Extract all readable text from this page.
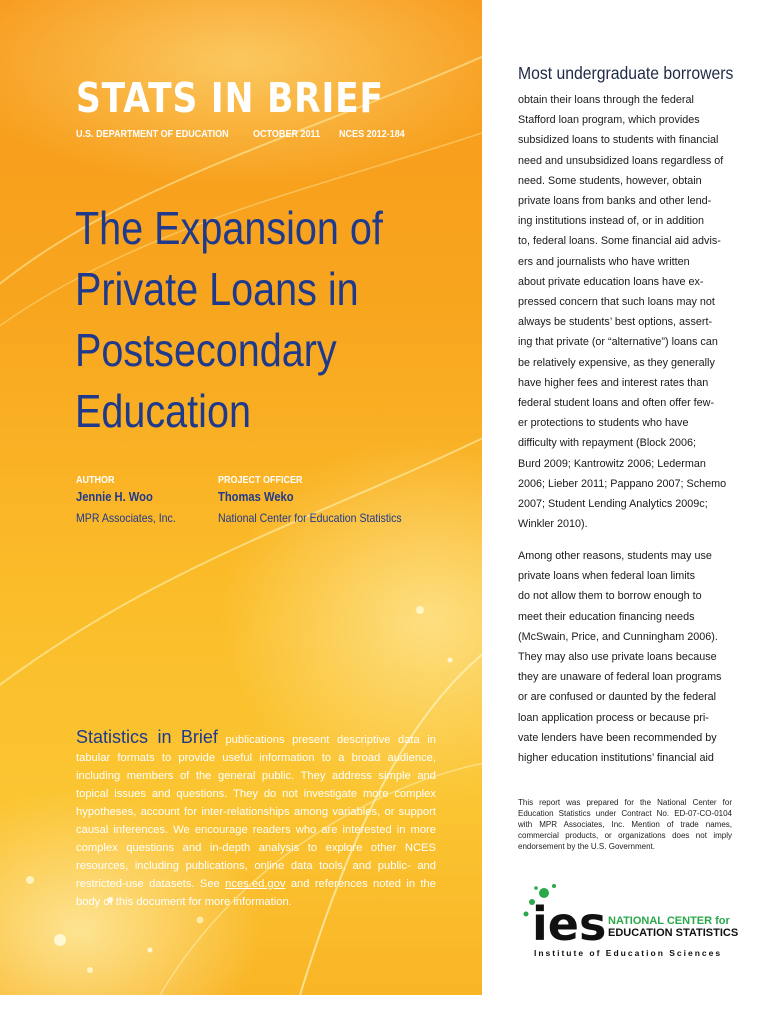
STATS IN BRIEF
U.S. DEPARTMENT OF EDUCATION OCTOBER 2011 NCES 2012-184
The Expansion of
Private Loans in
Postsecondary
Education
AUTHOR
Jennie H. Woo
MPR Associates, Inc.
PROJECT OFFICER
Thomas Weko
National Center for Education Statistics
Statistics in Brief publications present descriptive data in tabular formats to provide useful information to a broad audience, including members of the general public. They address simple and topical issues and questions. They do not investigate more complex hypotheses, account for inter-relationships among variables, or support causal inferences. We encourage readers who are interested in more complex questions and in-depth analysis to explore other NCES resources, including publications, online data tools, and public- and restricted-use datasets. See nces.ed.gov and references noted in the body of this document for more information.
Most undergraduate borrowers
obtain their loans through the federal
Stafford loan program, which provides
subsidized loans to students with financial
need and unsubsidized loans regardless of
need. Some students, however, obtain
private loans from banks and other lend-
ing institutions instead of, or in addition
to, federal loans. Some financial aid advis-
ers and journalists who have written
about private education loans have ex-
pressed concern that such loans may not
always be students’ best options, assert-
ing that private (or “alternative”) loans can
be relatively expensive, as they generally
have higher fees and interest rates than
federal student loans and often offer few-
er protections to students who have
difficulty with repayment (Block 2006;
Burd 2009; Kantrowitz 2006; Lederman
2006; Lieber 2011; Pappano 2007; Schemo
2007; Student Lending Analytics 2009c;
Winkler 2010).
Among other reasons, students may use
private loans when federal loan limits
do not allow them to borrow enough to
meet their education financing needs
(McSwain, Price, and Cunningham 2006).
They may also use private loans because
they are unaware of federal loan programs
or are confused or daunted by the federal
loan application process or because pri-
vate lenders have been recommended by
higher education institutions’ financial aid
This report was prepared for the National Center for Education Statistics under Contract No. ED-07-CO-0104 with MPR Associates, Inc. Mention of trade names, commercial products, or organizations does not imply endorsement by the U.S. Government.
ies NATIONAL CENTER for
EDUCATION STATISTICS
Institute of Education Sciences
